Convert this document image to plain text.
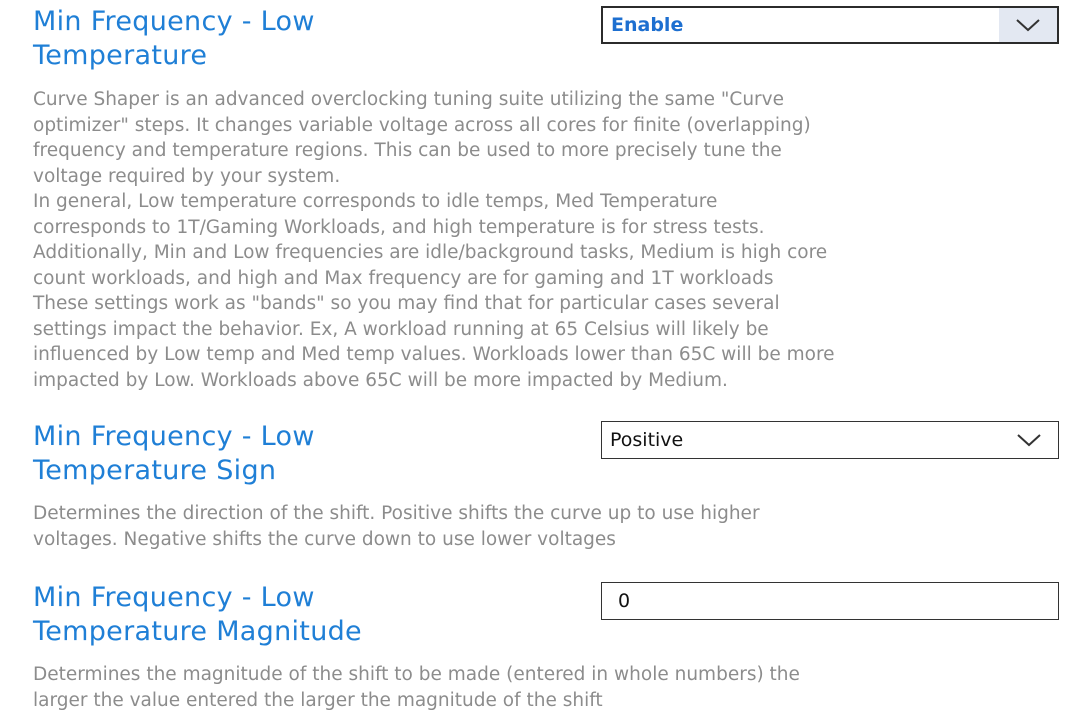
Min Frequency - Low
Temperature
Enable

Curve Shaper is an advanced overclocking tuning suite utilizing the same "Curve

optimizer" steps. It changes variable voltage across all cores for finite (overlapping)

frequency and temperature regions. This can be used to more precisely tune the

voltage required by your system.

In general, Low temperature corresponds to idle temps, Med Temperature

corresponds to 1T/Gaming Workloads, and high temperature is for stress tests.

Additionally, Min and Low frequencies are idle/background tasks, Medium is high core

count workloads, and high and Max frequency are for gaming and 1T workloads

These settings work as "bands" so you may find that for particular cases several

settings impact the behavior. Ex, A workload running at 65 Celsius will likely be

influenced by Low temp and Med temp values. Workloads lower than 65C will be more

impacted by Low. Workloads above 65C will be more impacted by Medium.

Min Frequency - Low
Temperature Sign
Positive

Determines the direction of the shift. Positive shifts the curve up to use higher

voltages. Negative shifts the curve down to use lower voltages

Min Frequency - Low
Temperature Magnitude
0

Determines the magnitude of the shift to be made (entered in whole numbers) the

larger the value entered the larger the magnitude of the shift
